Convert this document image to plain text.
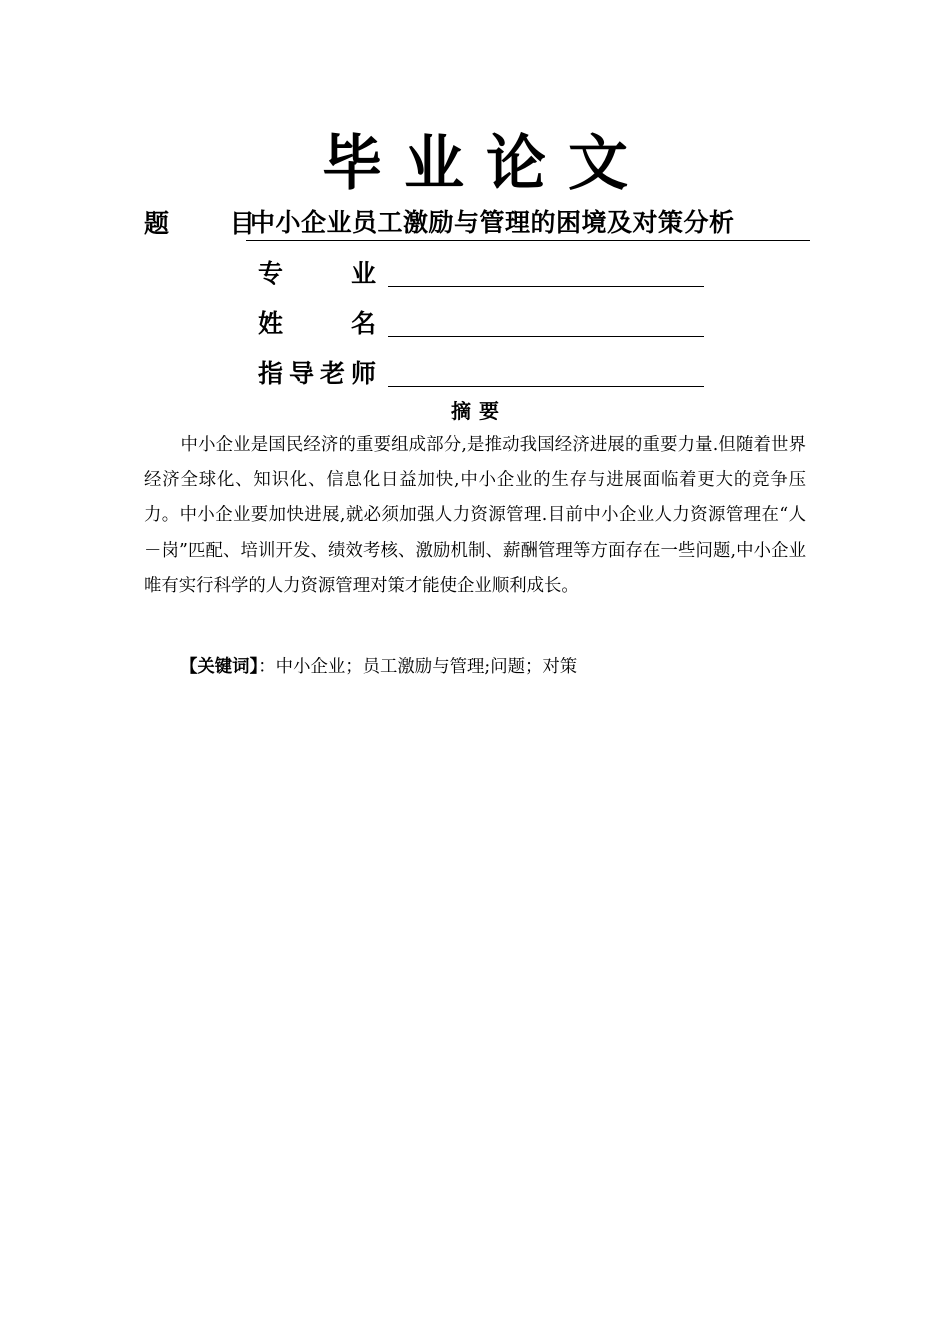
毕业论文
题 目
中小企业员工激励与管理的困境及对策分析
专 业
姓 名
指导老师
摘要
中小企业是国民经济的重要组成部分,是推动我国经济进展的重要力量.但随着世界经济全球化、知识化、信息化日益加快,中小企业的生存与进展面临着更大的竞争压力。中小企业要加快进展,就必须加强人力资源管理.目前中小企业人力资源管理在“人－岗”匹配、培训开发、绩效考核、激励机制、薪酬管理等方面存在一些问题,中小企业唯有实行科学的人力资源管理对策才能使企业顺利成长。
【关键词】：中小企业；员工激励与管理;问题；对策
